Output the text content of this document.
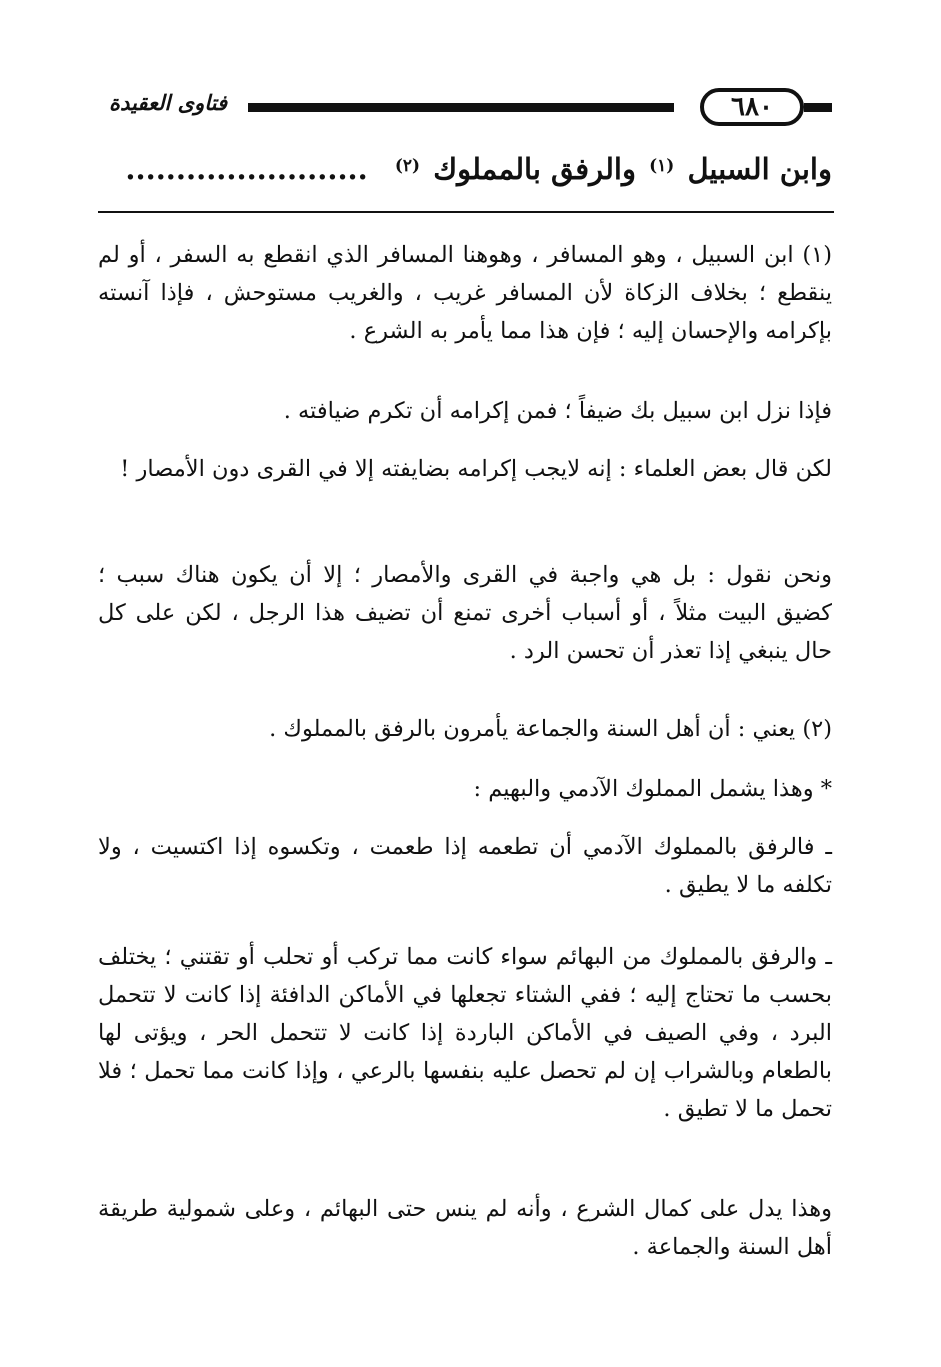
٦٨٠
فتاوى العقيدة
وابن السبيل $^{(١)}$ والرفق بالمملوك $^{(٢)}$ ........................

(١) ابن السبيل ، وهو المسافر ، وهوهنا المسافر الذي انقطع به السفر ، أو لم ينقطع ؛ بخلاف الزكاة لأن المسافر غريب ، والغريب مستوحش ، فإذا آنسته بإكرامه والإحسان إليه ؛ فإن هذا مما يأمر به الشرع .

فإذا نزل ابن سبيل بك ضيفاً ؛ فمن إكرامه أن تكرم ضيافته .

لكن قال بعض العلماء : إنه لايجب إكرامه بضايفته إلا في القرى دون الأمصار !

ونحن نقول : بل هي واجبة في القرى والأمصار ؛ إلا أن يكون هناك سبب ؛ كضيق البيت مثلاً ، أو أسباب أخرى تمنع أن تضيف هذا الرجل ، لكن على كل حال ينبغي إذا تعذر أن تحسن الرد .

(٢) يعني : أن أهل السنة والجماعة يأمرون بالرفق بالمملوك .

* وهذا يشمل المملوك الآدمي والبهيم :

ـ فالرفق بالمملوك الآدمي أن تطعمه إذا طعمت ، وتكسوه إذا اكتسيت ، ولا تكلفه ما لا يطيق .

ـ والرفق بالمملوك من البهائم سواء كانت مما تركب أو تحلب أو تقتني ؛ يختلف بحسب ما تحتاج إليه ؛ ففي الشتاء تجعلها في الأماكن الدافئة إذا كانت لا تتحمل البرد ، وفي الصيف في الأماكن الباردة إذا كانت لا تتحمل الحر ، ويؤتى لها بالطعام وبالشراب إن لم تحصل عليه بنفسها بالرعي ، وإذا كانت مما تحمل ؛ فلا تحمل ما لا تطيق .

وهذا يدل على كمال الشرع ، وأنه لم ينس حتى البهائم ، وعلى شمولية طريقة أهل السنة والجماعة .
